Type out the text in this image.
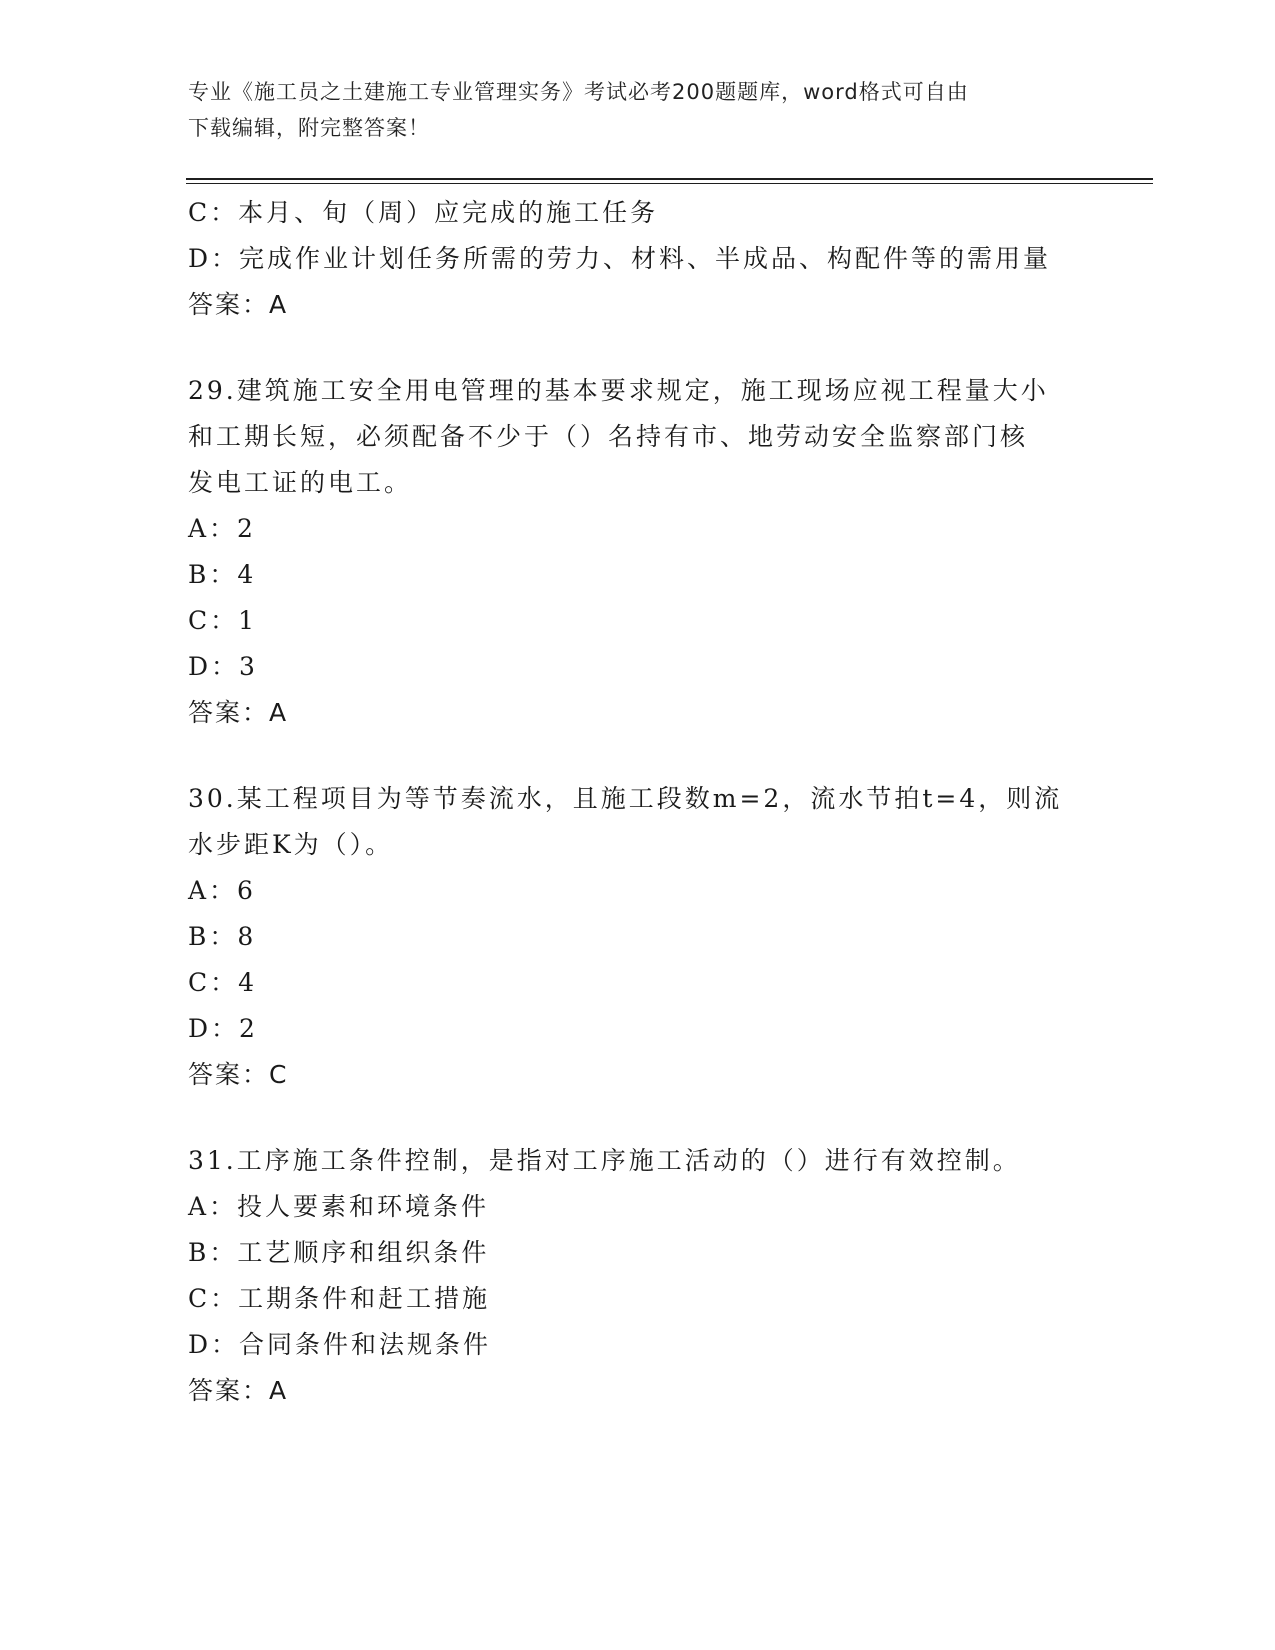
专业《施工员之土建施工专业管理实务》考试必考200题题库，word格式可自由
下载编辑，附完整答案！
C：本月、旬（周）应完成的施工任务
D：完成作业计划任务所需的劳力、材料、半成品、构配件等的需用量
答案：A
29.建筑施工安全用电管理的基本要求规定，施工现场应视工程量大小
和工期长短，必须配备不少于（）名持有市、地劳动安全监察部门核
发电工证的电工。
A：2
B：4
C：1
D：3
答案：A
30.某工程项目为等节奏流水，且施工段数m=2，流水节拍t=4，则流
水步距K为（）。
A：6
B：8
C：4
D：2
答案：C
31.工序施工条件控制，是指对工序施工活动的（）进行有效控制。
A：投人要素和环境条件
B：工艺顺序和组织条件
C：工期条件和赶工措施
D：合同条件和法规条件
答案：A
